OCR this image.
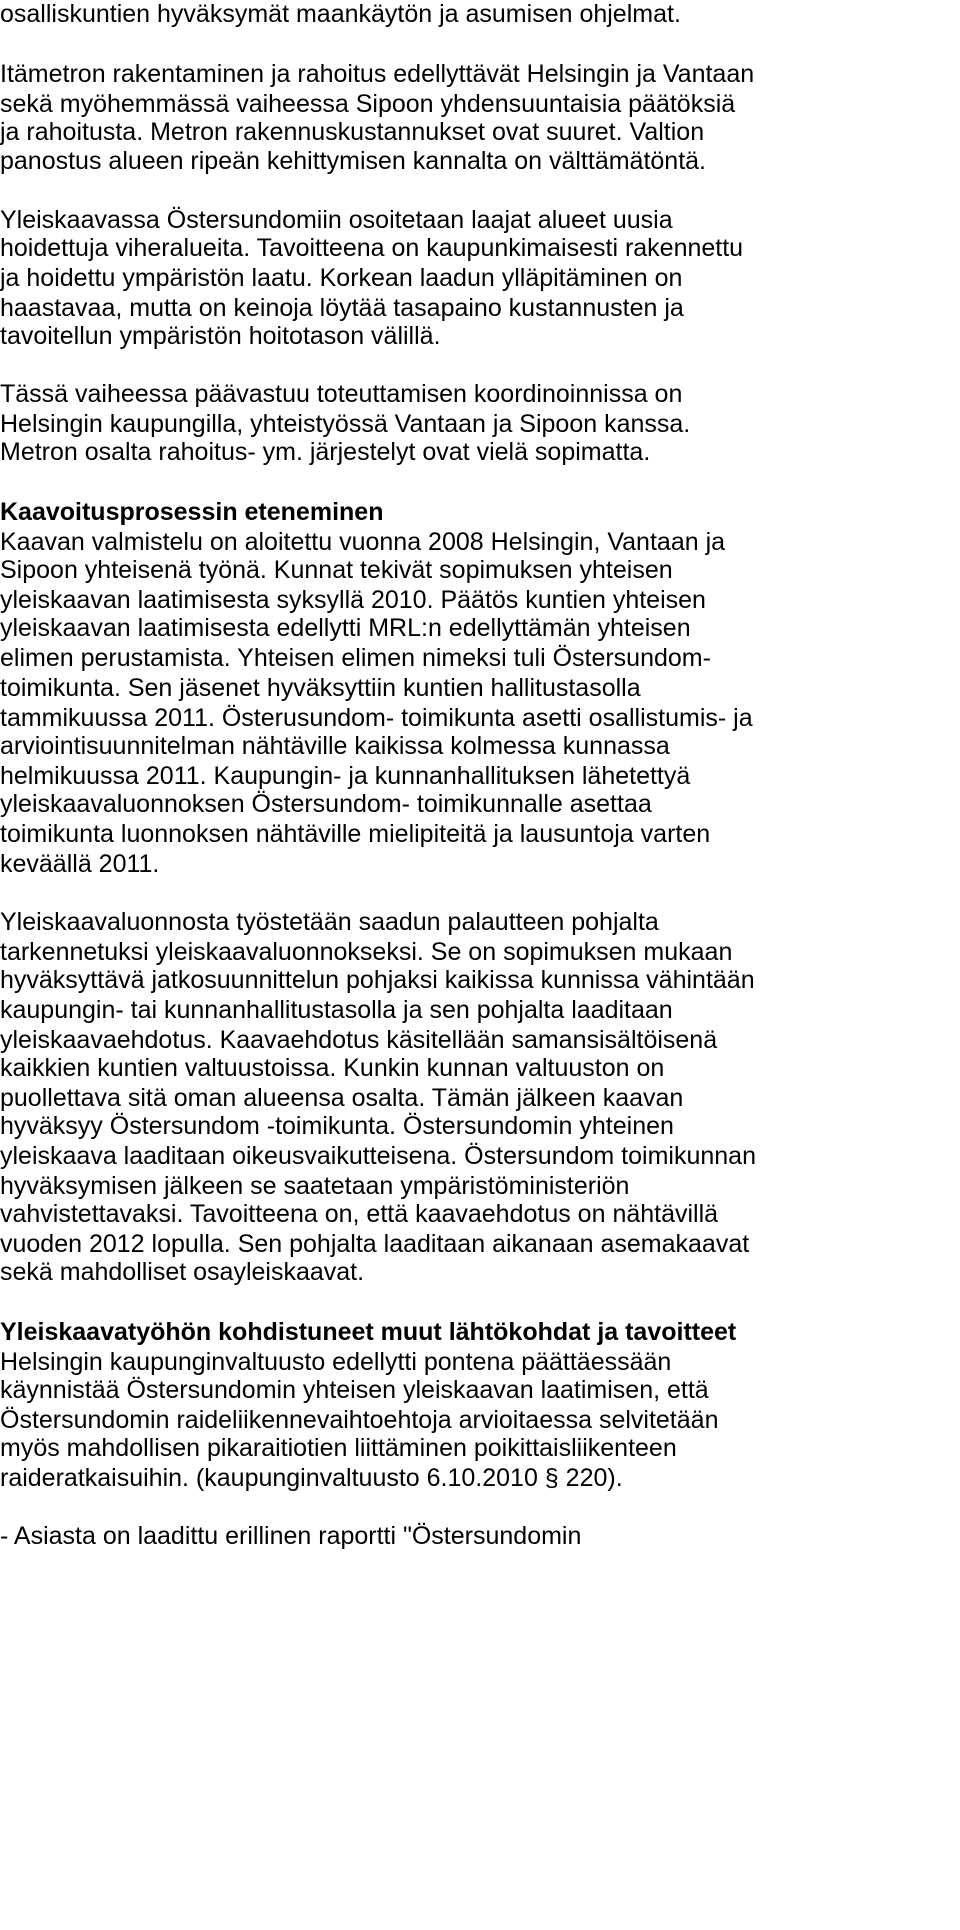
osalliskuntien hyväksymät maankäytön ja asumisen ohjelmat.
Itämetron rakentaminen ja rahoitus edellyttävät Helsingin ja Vantaan
sekä myöhemmässä vaiheessa Sipoon yhdensuuntaisia päätöksiä
ja rahoitusta. Metron rakennuskustannukset ovat suuret. Valtion
panostus alueen ripeän kehittymisen kannalta on välttämätöntä.
Yleiskaavassa Östersundomiin osoitetaan laajat alueet uusia
hoidettuja viheralueita. Tavoitteena on kaupunkimaisesti rakennettu
ja hoidettu ympäristön laatu. Korkean laadun ylläpitäminen on
haastavaa, mutta on keinoja löytää tasapaino kustannusten ja
tavoitellun ympäristön hoitotason välillä.
Tässä vaiheessa päävastuu toteuttamisen koordinoinnissa on
Helsingin kaupungilla, yhteistyössä Vantaan ja Sipoon kanssa.
Metron osalta rahoitus- ym. järjestelyt ovat vielä sopimatta.
Kaavoitusprosessin eteneminen
Kaavan valmistelu on aloitettu vuonna 2008 Helsingin, Vantaan ja
Sipoon yhteisenä työnä. Kunnat tekivät sopimuksen yhteisen
yleiskaavan laatimisesta syksyllä 2010. Päätös kuntien yhteisen
yleiskaavan laatimisesta edellytti MRL:n edellyttämän yhteisen
elimen perustamista. Yhteisen elimen nimeksi tuli Östersundom-
toimikunta. Sen jäsenet hyväksyttiin kuntien hallitustasolla
tammikuussa 2011. Österusundom- toimikunta asetti osallistumis- ja
arviointisuunnitelman nähtäville kaikissa kolmessa kunnassa
helmikuussa 2011. Kaupungin- ja kunnanhallituksen lähetettyä
yleiskaavaluonnoksen Östersundom- toimikunnalle asettaa
toimikunta luonnoksen nähtäville mielipiteitä ja lausuntoja varten
keväällä 2011.
Yleiskaavaluonnosta työstetään saadun palautteen pohjalta
tarkennetuksi yleiskaavaluonnokseksi. Se on sopimuksen mukaan
hyväksyttävä jatkosuunnittelun pohjaksi kaikissa kunnissa vähintään
kaupungin- tai kunnanhallitustasolla ja sen pohjalta laaditaan
yleiskaavaehdotus. Kaavaehdotus käsitellään samansisältöisenä
kaikkien kuntien valtuustoissa. Kunkin kunnan valtuuston on
puollettava sitä oman alueensa osalta. Tämän jälkeen kaavan
hyväksyy Östersundom -toimikunta. Östersundomin yhteinen
yleiskaava laaditaan oikeusvaikutteisena. Östersundom toimikunnan
hyväksymisen jälkeen se saatetaan ympäristöministeriön
vahvistettavaksi. Tavoitteena on, että kaavaehdotus on nähtävillä
vuoden 2012 lopulla. Sen pohjalta laaditaan aikanaan asemakaavat
sekä mahdolliset osayleiskaavat.
Yleiskaavatyöhön kohdistuneet muut lähtökohdat ja tavoitteet
Helsingin kaupunginvaltuusto edellytti pontena päättäessään
käynnistää Östersundomin yhteisen yleiskaavan laatimisen, että
Östersundomin raideliikennevaihtoehtoja arvioitaessa selvitetään
myös mahdollisen pikaraitiotien liittäminen poikittaisliikenteen
raideratkaisuihin. (kaupunginvaltuusto 6.10.2010 § 220).
- Asiasta on laadittu erillinen raportti "Östersundomin
